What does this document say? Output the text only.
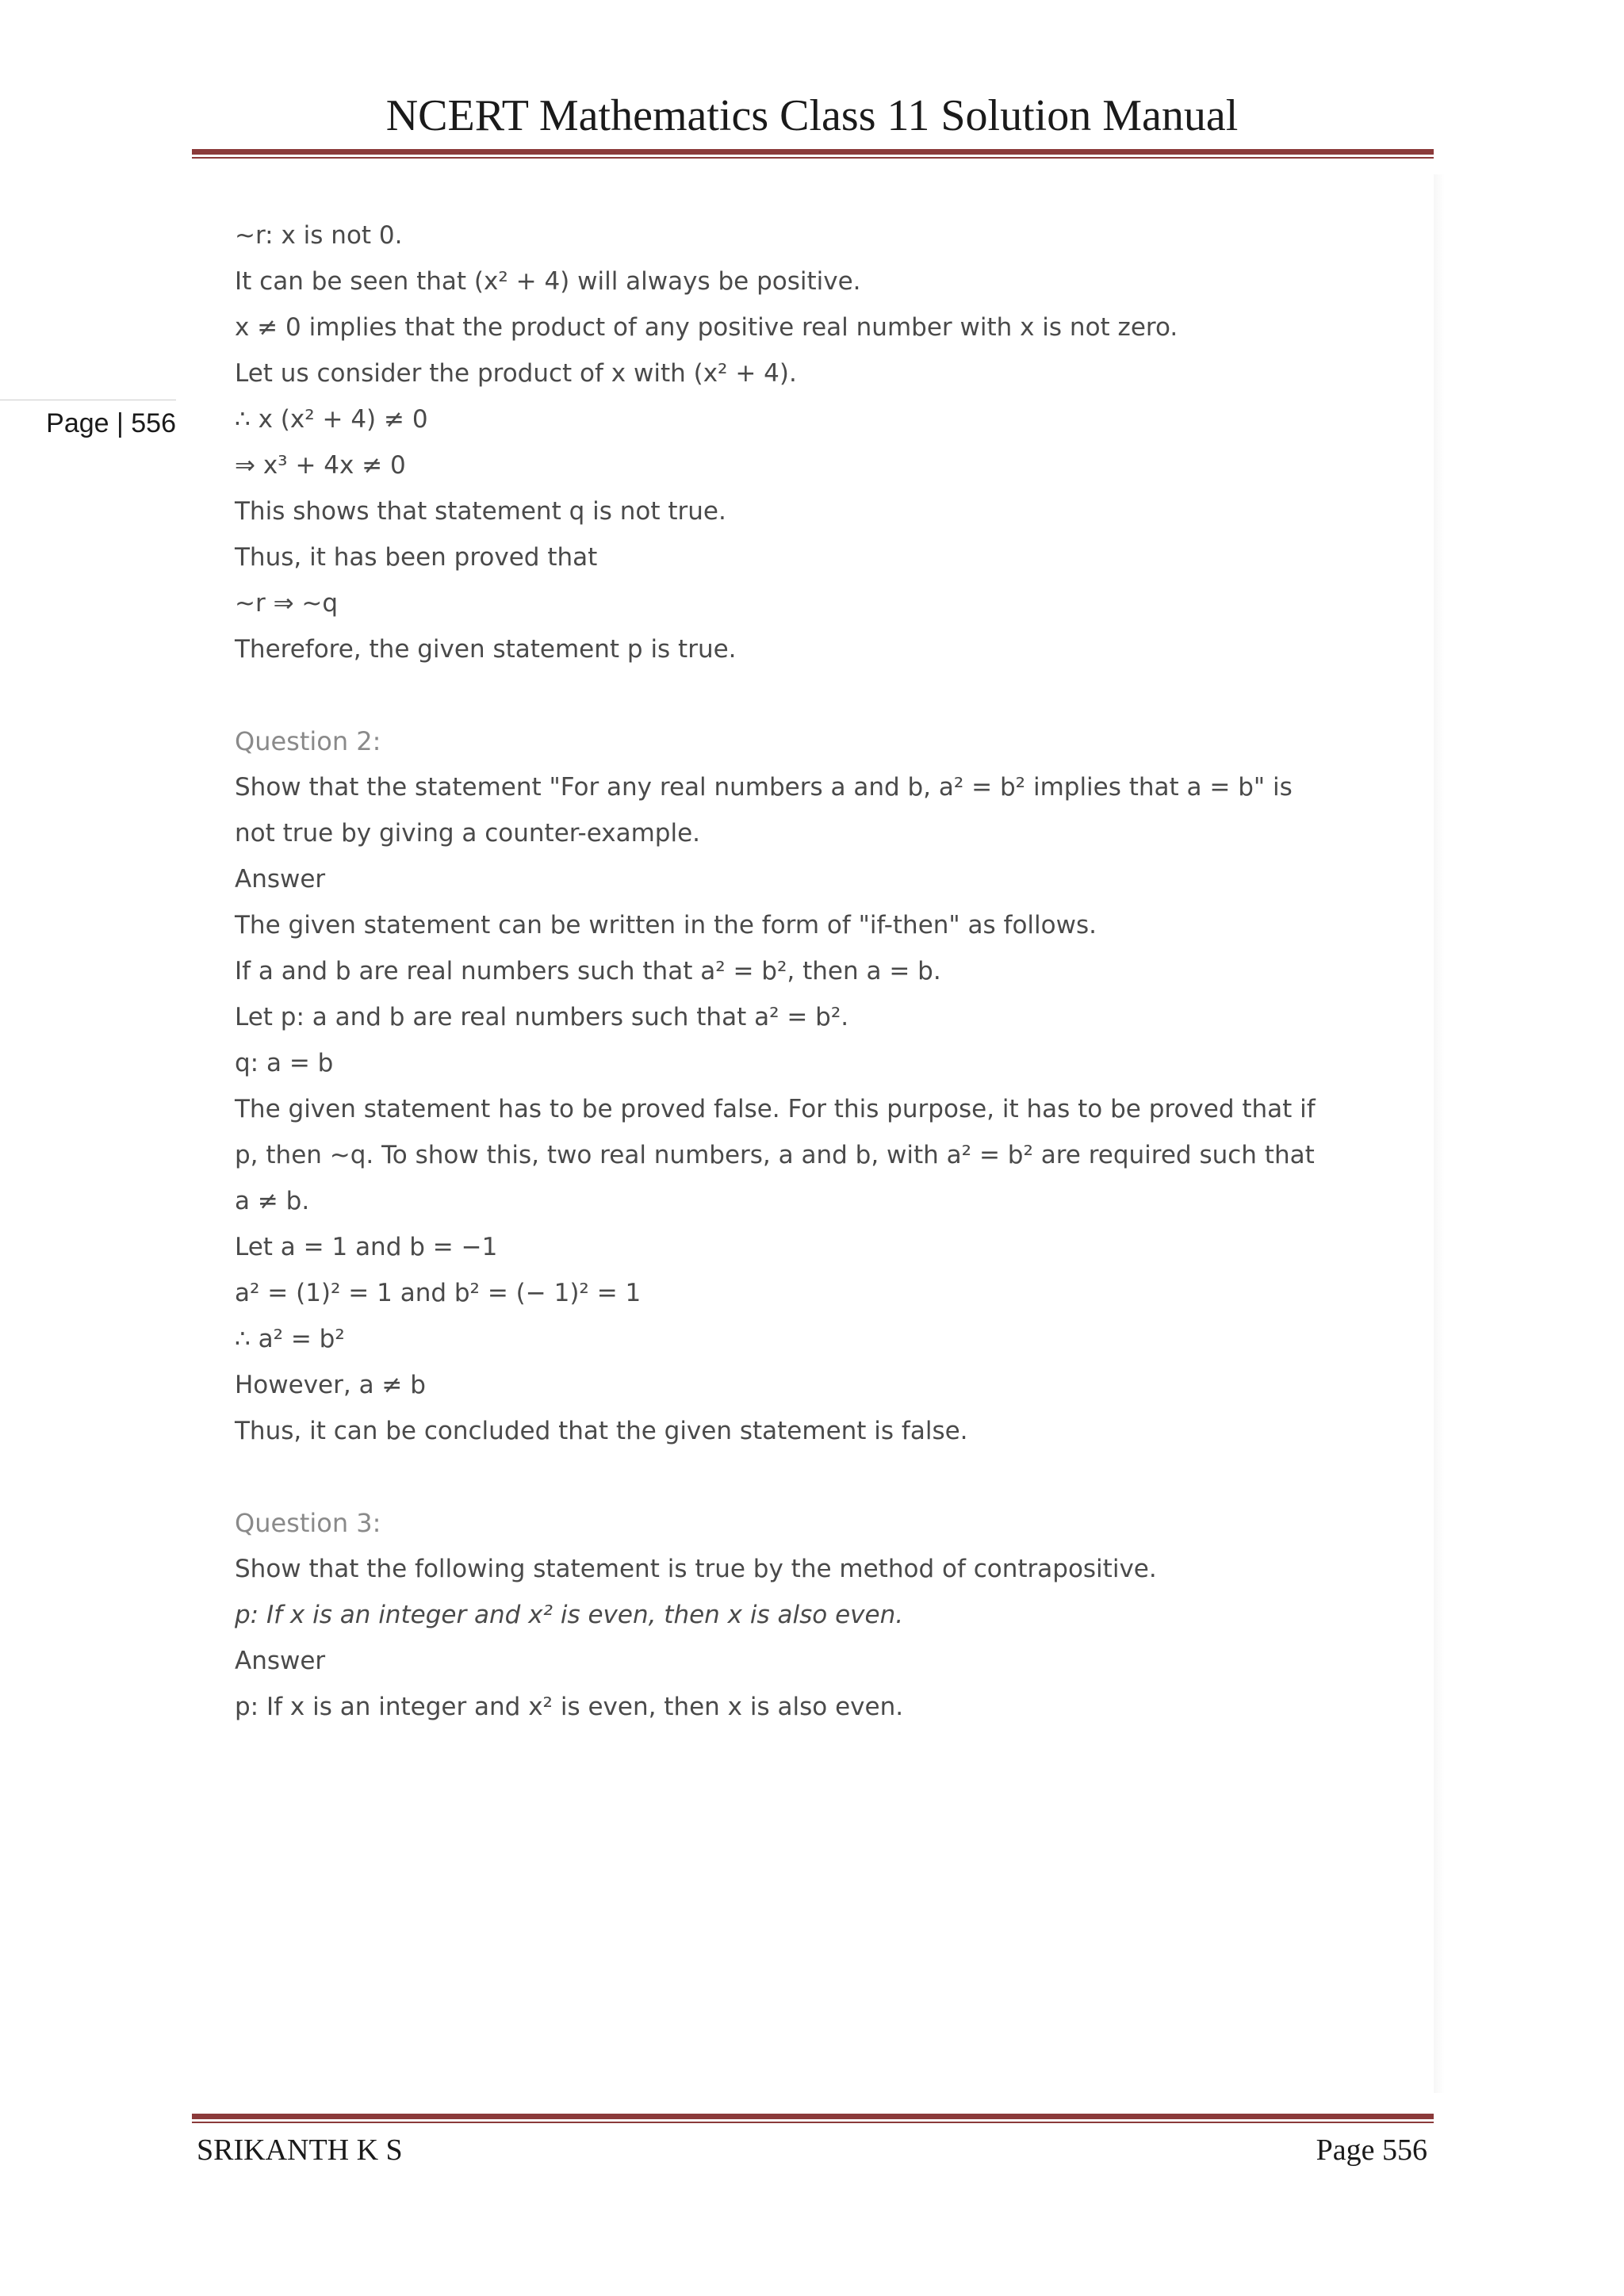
NCERT Mathematics Class 11 Solution Manual
Page | 556
~r: x is not 0.
It can be seen that (x² + 4) will always be positive.
x ≠ 0 implies that the product of any positive real number with x is not zero.
Let us consider the product of x with (x² + 4).
∴ x (x² + 4) ≠ 0
⇒ x³ + 4x ≠ 0
This shows that statement q is not true.
Thus, it has been proved that
~r ⇒ ~q
Therefore, the given statement p is true.
Question 2:
Show that the statement "For any real numbers a and b, a² = b² implies that a = b" is
not true by giving a counter-example.
Answer
The given statement can be written in the form of "if-then" as follows.
If a and b are real numbers such that a² = b², then a = b.
Let p: a and b are real numbers such that a² = b².
q: a = b
The given statement has to be proved false. For this purpose, it has to be proved that if
p, then ~q. To show this, two real numbers, a and b, with a² = b² are required such that
a ≠ b.
Let a = 1 and b = −1
a² = (1)² = 1 and b² = (− 1)² = 1
∴ a² = b²
However, a ≠ b
Thus, it can be concluded that the given statement is false.
Question 3:
Show that the following statement is true by the method of contrapositive.
p: If x is an integer and x² is even, then x is also even.
Answer
p: If x is an integer and x² is even, then x is also even.
SRIKANTH K S	Page 556
